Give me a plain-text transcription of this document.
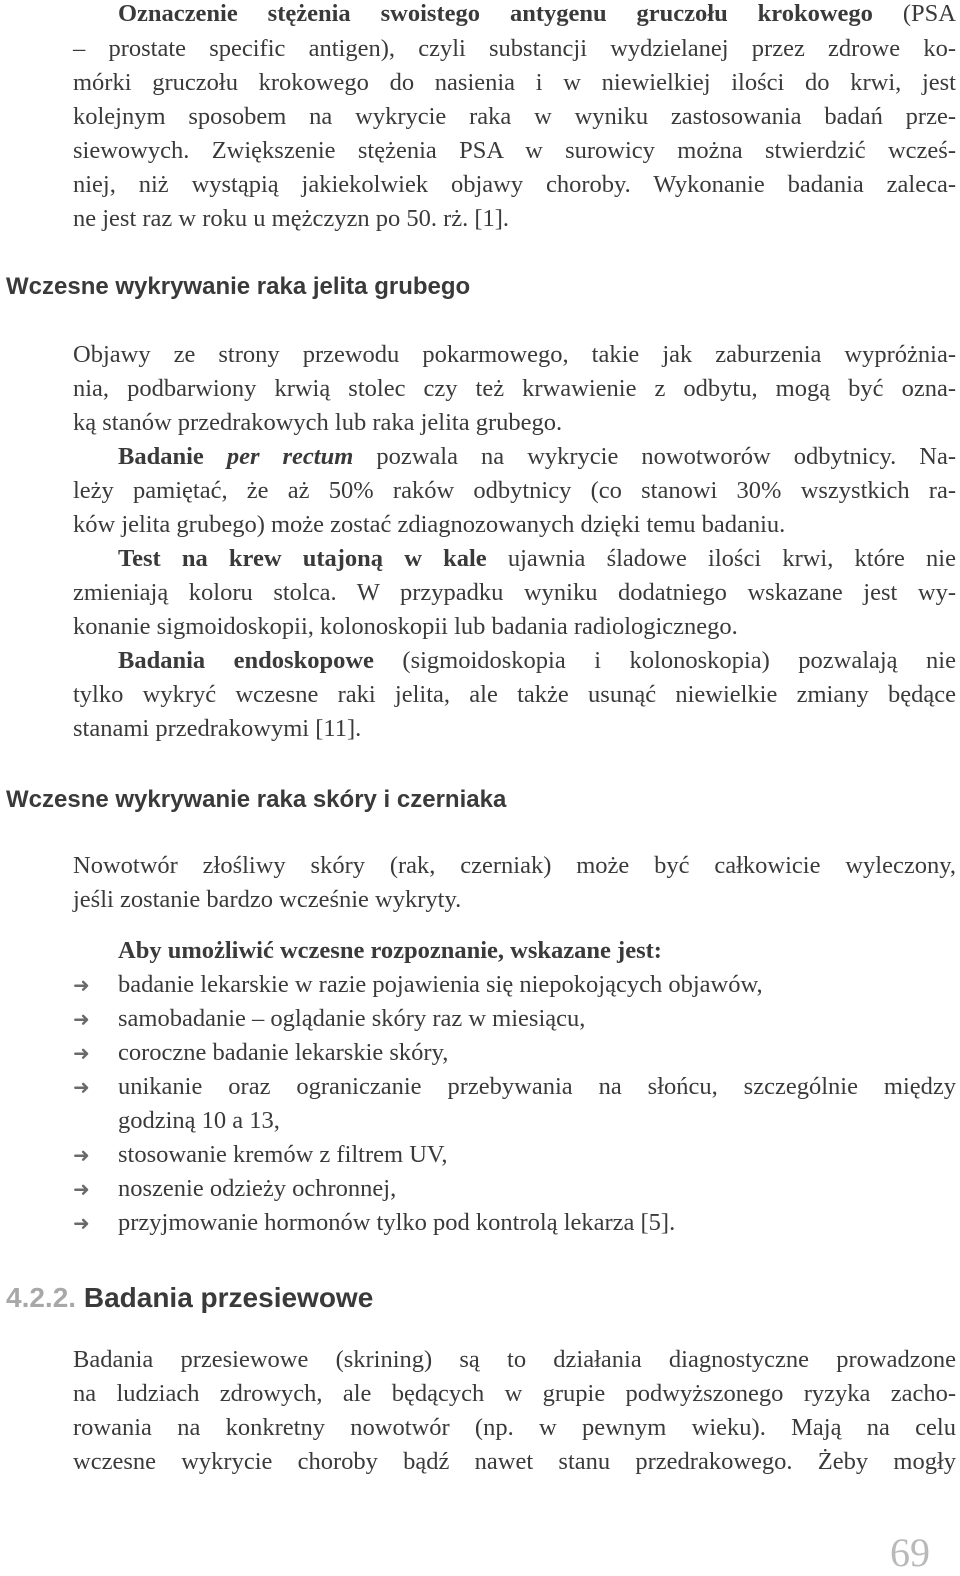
Oznaczenie stężenia swoistego antygenu gruczołu krokowego (PSA
– prostate specific antigen), czyli substancji wydzielanej przez zdrowe ko-
mórki gruczołu krokowego do nasienia i w niewielkiej ilości do krwi, jest
kolejnym sposobem na wykrycie raka w wyniku zastosowania badań prze-
siewowych. Zwiększenie stężenia PSA w surowicy można stwierdzić wcześ-
niej, niż wystąpią jakiekolwiek objawy choroby. Wykonanie badania zaleca-
ne jest raz w roku u mężczyzn po 50. rż. [1].
Wczesne wykrywanie raka jelita grubego
Objawy ze strony przewodu pokarmowego, takie jak zaburzenia wypróżnia-
nia, podbarwiony krwią stolec czy też krwawienie z odbytu, mogą być ozna-
ką stanów przedrakowych lub raka jelita grubego.
Badanie per rectum pozwala na wykrycie nowotworów odbytnicy. Na-
leży pamiętać, że aż 50% raków odbytnicy (co stanowi 30% wszystkich ra-
ków jelita grubego) może zostać zdiagnozowanych dzięki temu badaniu.
Test na krew utajoną w kale ujawnia śladowe ilości krwi, które nie
zmieniają koloru stolca. W przypadku wyniku dodatniego wskazane jest wy-
konanie sigmoidoskopii, kolonoskopii lub badania radiologicznego.
Badania endoskopowe (sigmoidoskopia i kolonoskopia) pozwalają nie
tylko wykryć wczesne raki jelita, ale także usunąć niewielkie zmiany będące
stanami przedrakowymi [11].
Wczesne wykrywanie raka skóry i czerniaka
Nowotwór złośliwy skóry (rak, czerniak) może być całkowicie wyleczony,
jeśli zostanie bardzo wcześnie wykryty.
Aby umożliwić wczesne rozpoznanie, wskazane jest:
➜ badanie lekarskie w razie pojawienia się niepokojących objawów,
➜ samobadanie – oglądanie skóry raz w miesiącu,
➜ coroczne badanie lekarskie skóry,
➜ unikanie oraz ograniczanie przebywania na słońcu, szczególnie między
godziną 10 a 13,
➜ stosowanie kremów z filtrem UV,
➜ noszenie odzieży ochronnej,
➜ przyjmowanie hormonów tylko pod kontrolą lekarza [5].
4.2.2. Badania przesiewowe
Badania przesiewowe (skrining) są to działania diagnostyczne prowadzone
na ludziach zdrowych, ale będących w grupie podwyższonego ryzyka zacho-
rowania na konkretny nowotwór (np. w pewnym wieku). Mają na celu
wczesne wykrycie choroby bądź nawet stanu przedrakowego. Żeby mogły
69
